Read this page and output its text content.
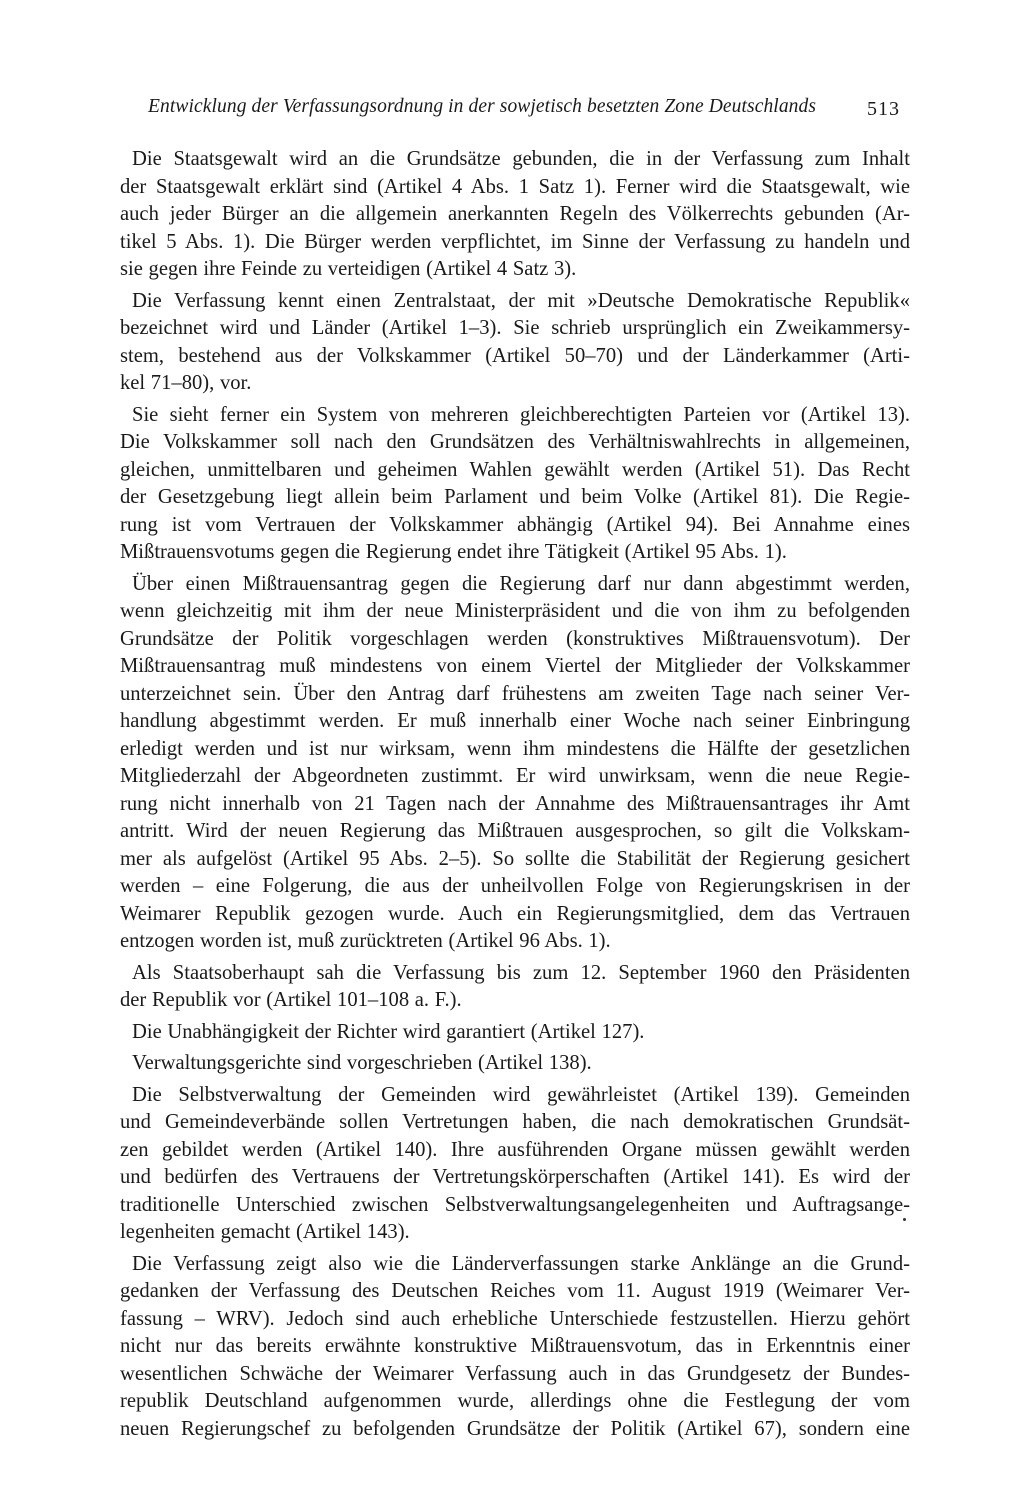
Entwicklung der Verfassungsordnung in der sowjetisch besetzten Zone Deutschlands	513
Die Staatsgewalt wird an die Grundsätze gebunden, die in der Verfassung zum Inhalt
der Staatsgewalt erklärt sind (Artikel 4 Abs. 1 Satz 1). Ferner wird die Staatsgewalt, wie
auch jeder Bürger an die allgemein anerkannten Regeln des Völkerrechts gebunden (Ar-
tikel 5 Abs. 1). Die Bürger werden verpflichtet, im Sinne der Verfassung zu handeln und
sie gegen ihre Feinde zu verteidigen (Artikel 4 Satz 3).
Die Verfassung kennt einen Zentralstaat, der mit »Deutsche Demokratische Republik«
bezeichnet wird und Länder (Artikel 1–3). Sie schrieb ursprünglich ein Zweikammersy-
stem, bestehend aus der Volkskammer (Artikel 50–70) und der Länderkammer (Arti-
kel 71–80), vor.
Sie sieht ferner ein System von mehreren gleichberechtigten Parteien vor (Artikel 13).
Die Volkskammer soll nach den Grundsätzen des Verhältniswahlrechts in allgemeinen,
gleichen, unmittelbaren und geheimen Wahlen gewählt werden (Artikel 51). Das Recht
der Gesetzgebung liegt allein beim Parlament und beim Volke (Artikel 81). Die Regie-
rung ist vom Vertrauen der Volkskammer abhängig (Artikel 94). Bei Annahme eines
Mißtrauensvotums gegen die Regierung endet ihre Tätigkeit (Artikel 95 Abs. 1).
Über einen Mißtrauensantrag gegen die Regierung darf nur dann abgestimmt werden,
wenn gleichzeitig mit ihm der neue Ministerpräsident und die von ihm zu befolgenden
Grundsätze der Politik vorgeschlagen werden (konstruktives Mißtrauensvotum). Der
Mißtrauensantrag muß mindestens von einem Viertel der Mitglieder der Volkskammer
unterzeichnet sein. Über den Antrag darf frühestens am zweiten Tage nach seiner Ver-
handlung abgestimmt werden. Er muß innerhalb einer Woche nach seiner Einbringung
erledigt werden und ist nur wirksam, wenn ihm mindestens die Hälfte der gesetzlichen
Mitgliederzahl der Abgeordneten zustimmt. Er wird unwirksam, wenn die neue Regie-
rung nicht innerhalb von 21 Tagen nach der Annahme des Mißtrauensantrages ihr Amt
antritt. Wird der neuen Regierung das Mißtrauen ausgesprochen, so gilt die Volkskam-
mer als aufgelöst (Artikel 95 Abs. 2–5). So sollte die Stabilität der Regierung gesichert
werden – eine Folgerung, die aus der unheilvollen Folge von Regierungskrisen in der
Weimarer Republik gezogen wurde. Auch ein Regierungsmitglied, dem das Vertrauen
entzogen worden ist, muß zurücktreten (Artikel 96 Abs. 1).
Als Staatsoberhaupt sah die Verfassung bis zum 12. September 1960 den Präsidenten
der Republik vor (Artikel 101–108 a. F.).
Die Unabhängigkeit der Richter wird garantiert (Artikel 127).
Verwaltungsgerichte sind vorgeschrieben (Artikel 138).
Die Selbstverwaltung der Gemeinden wird gewährleistet (Artikel 139). Gemeinden
und Gemeindeverbände sollen Vertretungen haben, die nach demokratischen Grundsät-
zen gebildet werden (Artikel 140). Ihre ausführenden Organe müssen gewählt werden
und bedürfen des Vertrauens der Vertretungskörperschaften (Artikel 141). Es wird der
traditionelle Unterschied zwischen Selbstverwaltungsangelegenheiten und Auftragsange-
legenheiten gemacht (Artikel 143).
Die Verfassung zeigt also wie die Länderverfassungen starke Anklänge an die Grund-
gedanken der Verfassung des Deutschen Reiches vom 11. August 1919 (Weimarer Ver-
fassung – WRV). Jedoch sind auch erhebliche Unterschiede festzustellen. Hierzu gehört
nicht nur das bereits erwähnte konstruktive Mißtrauensvotum, das in Erkenntnis einer
wesentlichen Schwäche der Weimarer Verfassung auch in das Grundgesetz der Bundes-
republik Deutschland aufgenommen wurde, allerdings ohne die Festlegung der vom
neuen Regierungschef zu befolgenden Grundsätze der Politik (Artikel 67), sondern eine
